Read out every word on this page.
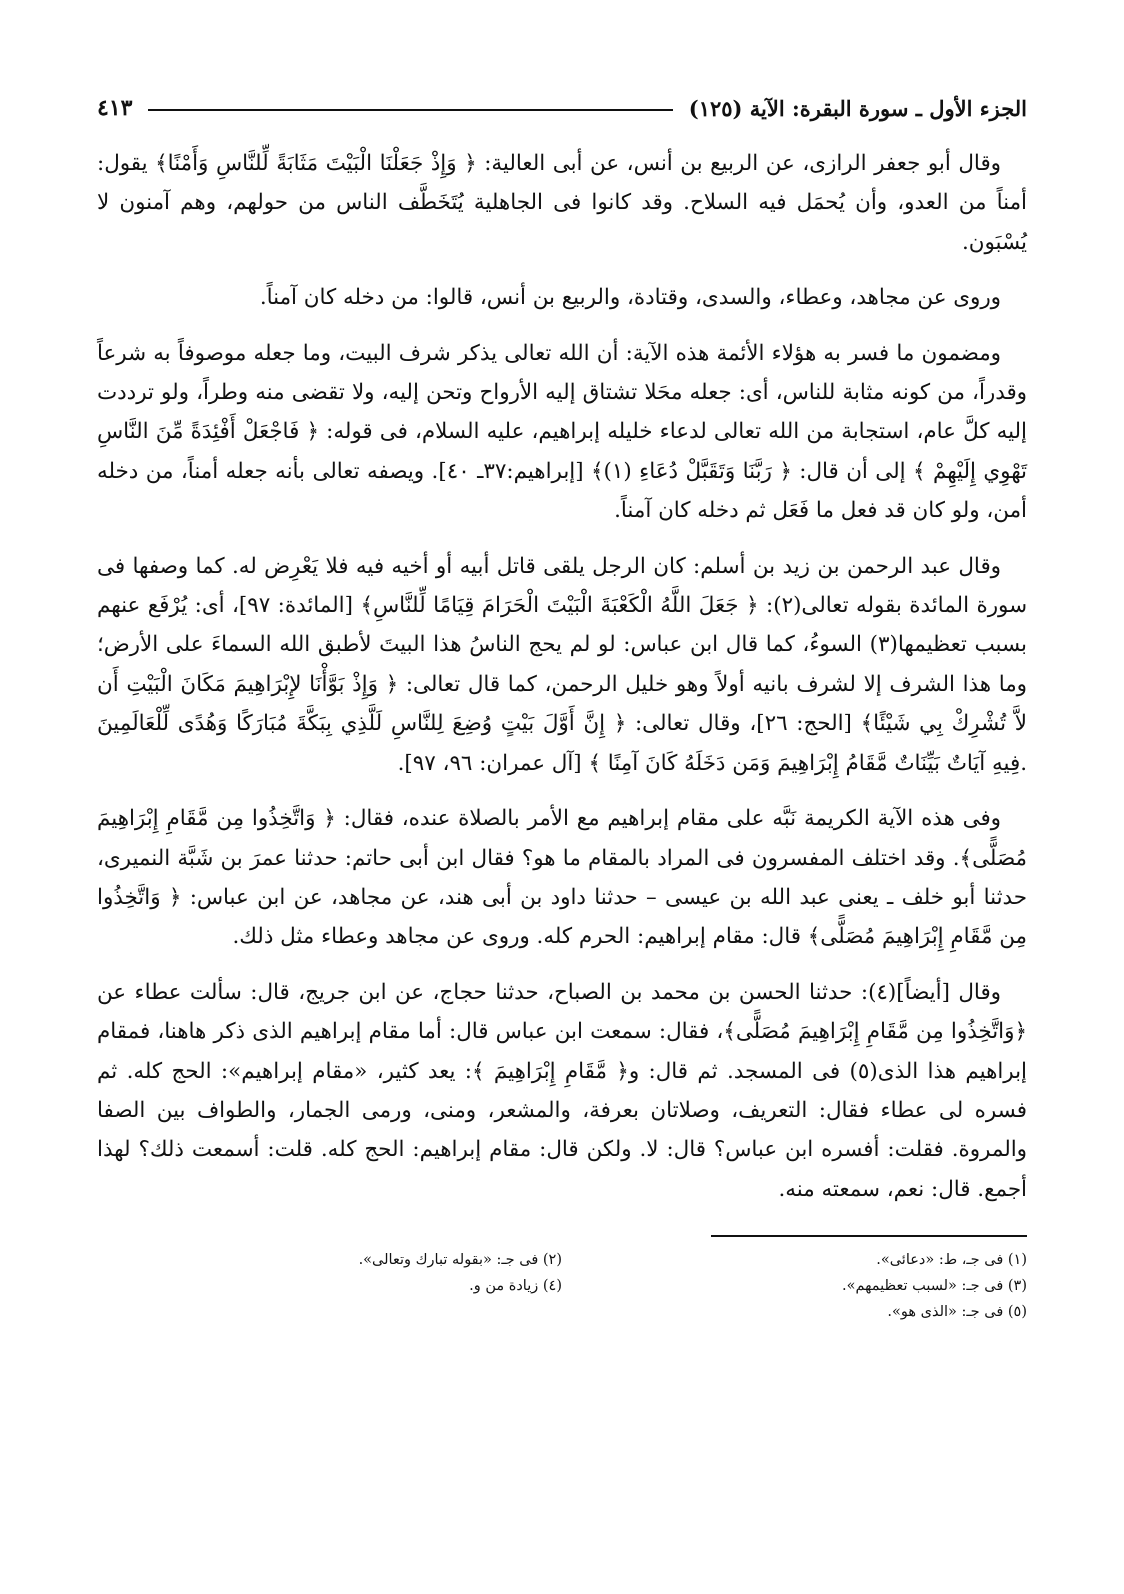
الجزء الأول ـ سورة البقرة: الآية (١٢٥)
٤١٣

وقال أبو جعفر الرازى، عن الربيع بن أنس، عن أبى العالية: ﴿ وَإِذْ جَعَلْنَا الْبَيْتَ مَثَابَةً لِّلنَّاسِ وَأَمْنًا﴾ يقول: أمناً من العدو، وأن يُحمَل فيه السلاح. وقد كانوا فى الجاهلية يُتَخَطَّف الناس من حولهم، وهم آمنون لا يُسْبَون.

وروى عن مجاهد، وعطاء، والسدى، وقتادة، والربيع بن أنس، قالوا: من دخله كان آمناً.

ومضمون ما فسر به هؤلاء الأئمة هذه الآية: أن الله تعالى يذكر شرف البيت، وما جعله موصوفاً به شرعاً وقدراً، من كونه مثابة للناس، أى: جعله محَلا تشتاق إليه الأرواح وتحن إليه، ولا تقضى منه وطراً، ولو ترددت إليه كلَّ عام، استجابة من الله تعالى لدعاء خليله إبراهيم، عليه السلام، فى قوله: ﴿ فَاجْعَلْ أَفْئِدَةً مِّنَ النَّاسِ تَهْوِي إِلَيْهِمْ ﴾ إلى أن قال: ﴿ رَبَّنَا وَتَقَبَّلْ دُعَاءِ (١)﴾ [إبراهيم:٣٧ـ ٤٠]. ويصفه تعالى بأنه جعله أمناً، من دخله أمن، ولو كان قد فعل ما فَعَل ثم دخله كان آمناً.

وقال عبد الرحمن بن زيد بن أسلم: كان الرجل يلقى قاتل أبيه أو أخيه فيه فلا يَعْرِض له. كما وصفها فى سورة المائدة بقوله تعالى(٢): ﴿ جَعَلَ اللَّهُ الْكَعْبَةَ الْبَيْتَ الْحَرَامَ قِيَامًا لِّلنَّاسِ﴾ [المائدة: ٩٧]، أى: يُرْفَع عنهم بسبب تعظيمها(٣) السوءُ، كما قال ابن عباس: لو لم يحج الناسُ هذا البيتَ لأطبق الله السماءَ على الأرض؛ وما هذا الشرف إلا لشرف بانيه أولاً وهو خليل الرحمن، كما قال تعالى: ﴿ وَإِذْ بَوَّأْنَا لإِبْرَاهِيمَ مَكَانَ الْبَيْتِ أَن لاَّ تُشْرِكْ بِي شَيْئًا﴾ [الحج: ٢٦]، وقال تعالى: ﴿ إِنَّ أَوَّلَ بَيْتٍ وُضِعَ لِلنَّاسِ لَلَّذِي بِبَكَّةَ مُبَارَكًا وَهُدًى لِّلْعَالَمِينَ .فِيهِ آيَاتٌ بَيِّنَاتٌ مَّقَامُ إِبْرَاهِيمَ وَمَن دَخَلَهُ كَانَ آمِنًا ﴾ [آل عمران: ٩٦، ٩٧].

وفى هذه الآية الكريمة نَبَّه على مقام إبراهيم مع الأمر بالصلاة عنده، فقال: ﴿ وَاتَّخِذُوا مِن مَّقَامِ إِبْرَاهِيمَ مُصَلًّى﴾. وقد اختلف المفسرون فى المراد بالمقام ما هو؟ فقال ابن أبى حاتم: حدثنا عمرَ بن شَبَّة النميرى، حدثنا أبو خلف ـ يعنى عبد الله بن عيسى – حدثنا داود بن أبى هند، عن مجاهد، عن ابن عباس: ﴿ وَاتَّخِذُوا مِن مَّقَامِ إِبْرَاهِيمَ مُصَلًّى﴾ قال: مقام إبراهيم: الحرم كله. وروى عن مجاهد وعطاء مثل ذلك.

وقال [أيضاً](٤): حدثنا الحسن بن محمد بن الصباح، حدثنا حجاج، عن ابن جريج، قال: سألت عطاء عن ﴿وَاتَّخِذُوا مِن مَّقَامِ إِبْرَاهِيمَ مُصَلًّى﴾، فقال: سمعت ابن عباس قال: أما مقام إبراهيم الذى ذكر هاهنا، فمقام إبراهيم هذا الذى(٥) فى المسجد. ثم قال: و﴿ مَّقَامِ إِبْرَاهِيمَ ﴾: يعد كثير، «مقام إبراهيم»: الحج كله. ثم فسره لى عطاء فقال: التعريف، وصلاتان بعرفة، والمشعر، ومنى، ورمى الجمار، والطواف بين الصفا والمروة. فقلت: أفسره ابن عباس؟ قال: لا. ولكن قال: مقام إبراهيم: الحج كله. قلت: أسمعت ذلك؟ لهذا أجمع. قال: نعم، سمعته منه.

(١) فى جـ، ط: «دعائى».
(٢) فى جـ: «بقوله تبارك وتعالى».
(٣) فى جـ: «لسبب تعظيمهم».
(٤) زيادة من و.
(٥) فى جـ: «الذى هو».
